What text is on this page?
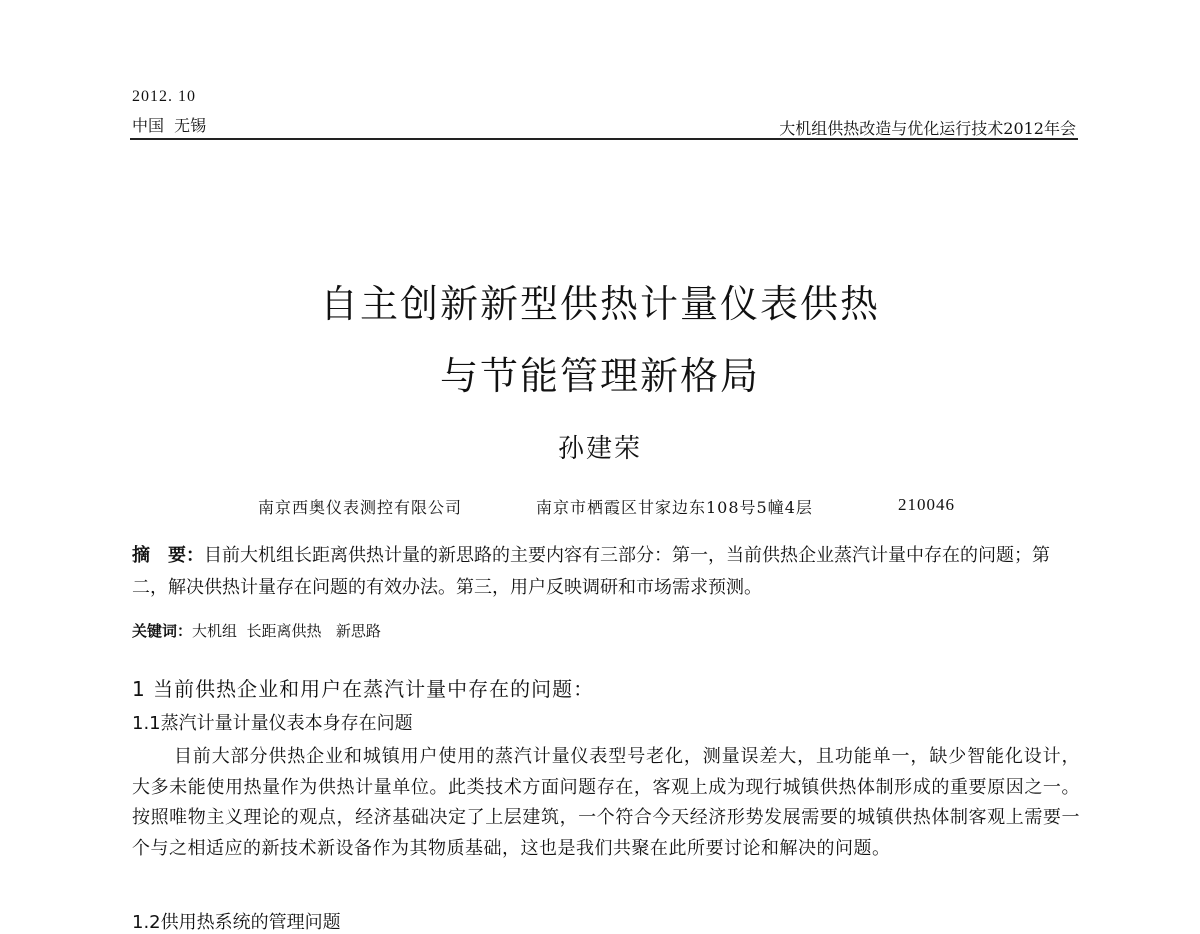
2012. 10
中国  无锡	大机组供热改造与优化运行技术2012年会
自主创新新型供热计量仪表供热
与节能管理新格局
孙建荣
南京西奥仪表测控有限公司	南京市栖霞区甘家边东108号5幢4层	210046
摘　要：目前大机组长距离供热计量的新思路的主要内容有三部分：第一，当前供热企业蒸汽计量中存在的问题；第二，解决供热计量存在问题的有效办法。第三，用户反映调研和市场需求预测。
关键词：大机组  长距离供热   新思路
1 当前供热企业和用户在蒸汽计量中存在的问题：
1.1蒸汽计量计量仪表本身存在问题
目前大部分供热企业和城镇用户使用的蒸汽计量仪表型号老化，测量误差大，且功能单一，缺少智能化设计，大多未能使用热量作为供热计量单位。此类技术方面问题存在，客观上成为现行城镇供热体制形成的重要原因之一。按照唯物主义理论的观点，经济基础决定了上层建筑，一个符合今天经济形势发展需要的城镇供热体制客观上需要一个与之相适应的新技术新设备作为其物质基础，这也是我们共聚在此所要讨论和解决的问题。
1.2供用热系统的管理问题
